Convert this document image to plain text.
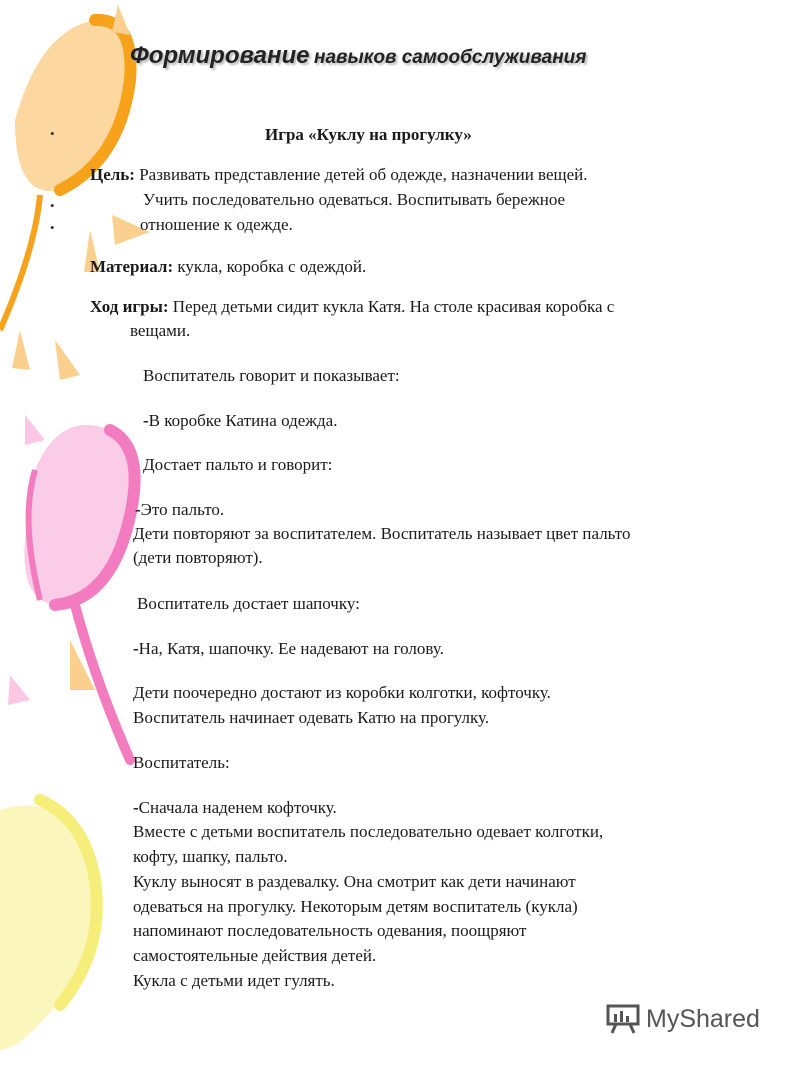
Формирование навыков самообслуживания
•
•
•
Игра «Куклу на прогулку»
Цель: Развивать представление детей об одежде, назначении вещей.
Учить последовательно одеваться. Воспитывать бережное
отношение к одежде.
Материал: кукла, коробка с одеждой.
Ход игры: Перед детьми сидит кукла Катя. На столе красивая коробка с
вещами.
Воспитатель говорит и показывает:
-В коробке Катина одежда.
Достает пальто и говорит:
-Это пальто.
Дети повторяют за воспитателем. Воспитатель называет цвет пальто
(дети повторяют).
Воспитатель достает шапочку:
-На, Катя, шапочку. Ее надевают на голову.
Дети поочередно достают из коробки колготки, кофточку.
Воспитатель начинает одевать Катю на прогулку.
Воспитатель:
-Сначала наденем кофточку.
Вместе с детьми воспитатель последовательно одевает колготки,
кофту, шапку, пальто.
Куклу выносят в раздевалку. Она смотрит как дети начинают
одеваться на прогулку. Некоторым детям воспитатель (кукла)
напоминают последовательность одевания, поощряют
самостоятельные действия детей.
Кукла с детьми идет гулять.
MyShared
